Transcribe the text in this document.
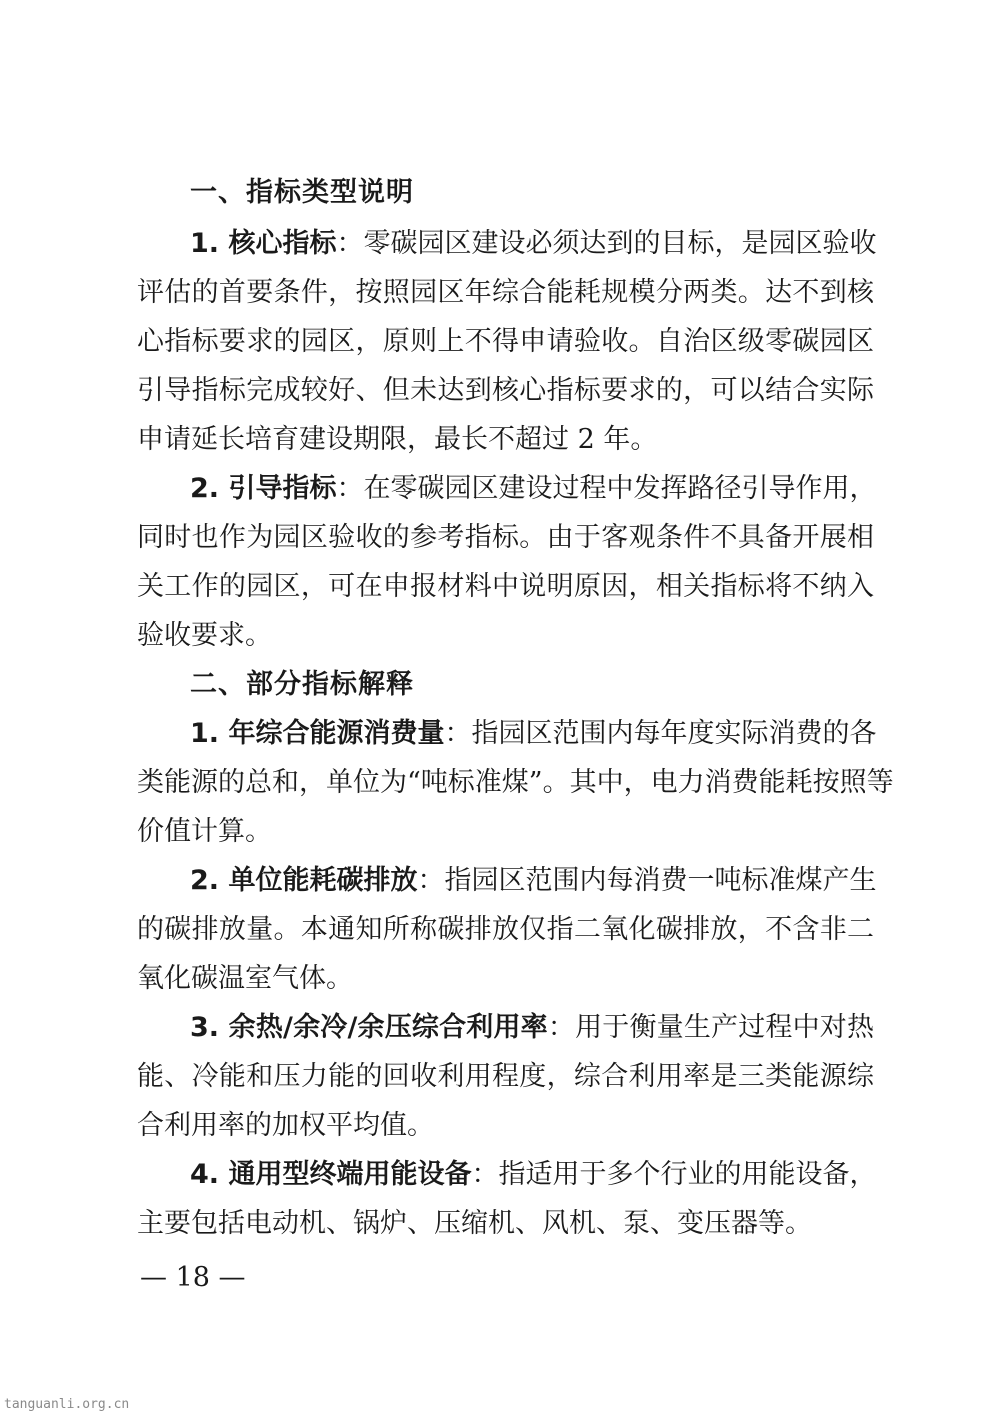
一、指标类型说明
1. 核心指标：零碳园区建设必须达到的目标，是园区验收
评估的首要条件，按照园区年综合能耗规模分两类。达不到核
心指标要求的园区，原则上不得申请验收。自治区级零碳园区
引导指标完成较好、但未达到核心指标要求的，可以结合实际
申请延长培育建设期限，最长不超过 2 年。
2. 引导指标：在零碳园区建设过程中发挥路径引导作用，
同时也作为园区验收的参考指标。由于客观条件不具备开展相
关工作的园区，可在申报材料中说明原因，相关指标将不纳入
验收要求。
二、部分指标解释
1. 年综合能源消费量：指园区范围内每年度实际消费的各
类能源的总和，单位为“吨标准煤”。其中，电力消费能耗按照等
价值计算。
2. 单位能耗碳排放：指园区范围内每消费一吨标准煤产生
的碳排放量。本通知所称碳排放仅指二氧化碳排放，不含非二
氧化碳温室气体。
3. 余热/余冷/余压综合利用率：用于衡量生产过程中对热
能、冷能和压力能的回收利用程度，综合利用率是三类能源综
合利用率的加权平均值。
4. 通用型终端用能设备：指适用于多个行业的用能设备，
主要包括电动机、锅炉、压缩机、风机、泵、变压器等。
— 18 —
tanguanli.org.cn
